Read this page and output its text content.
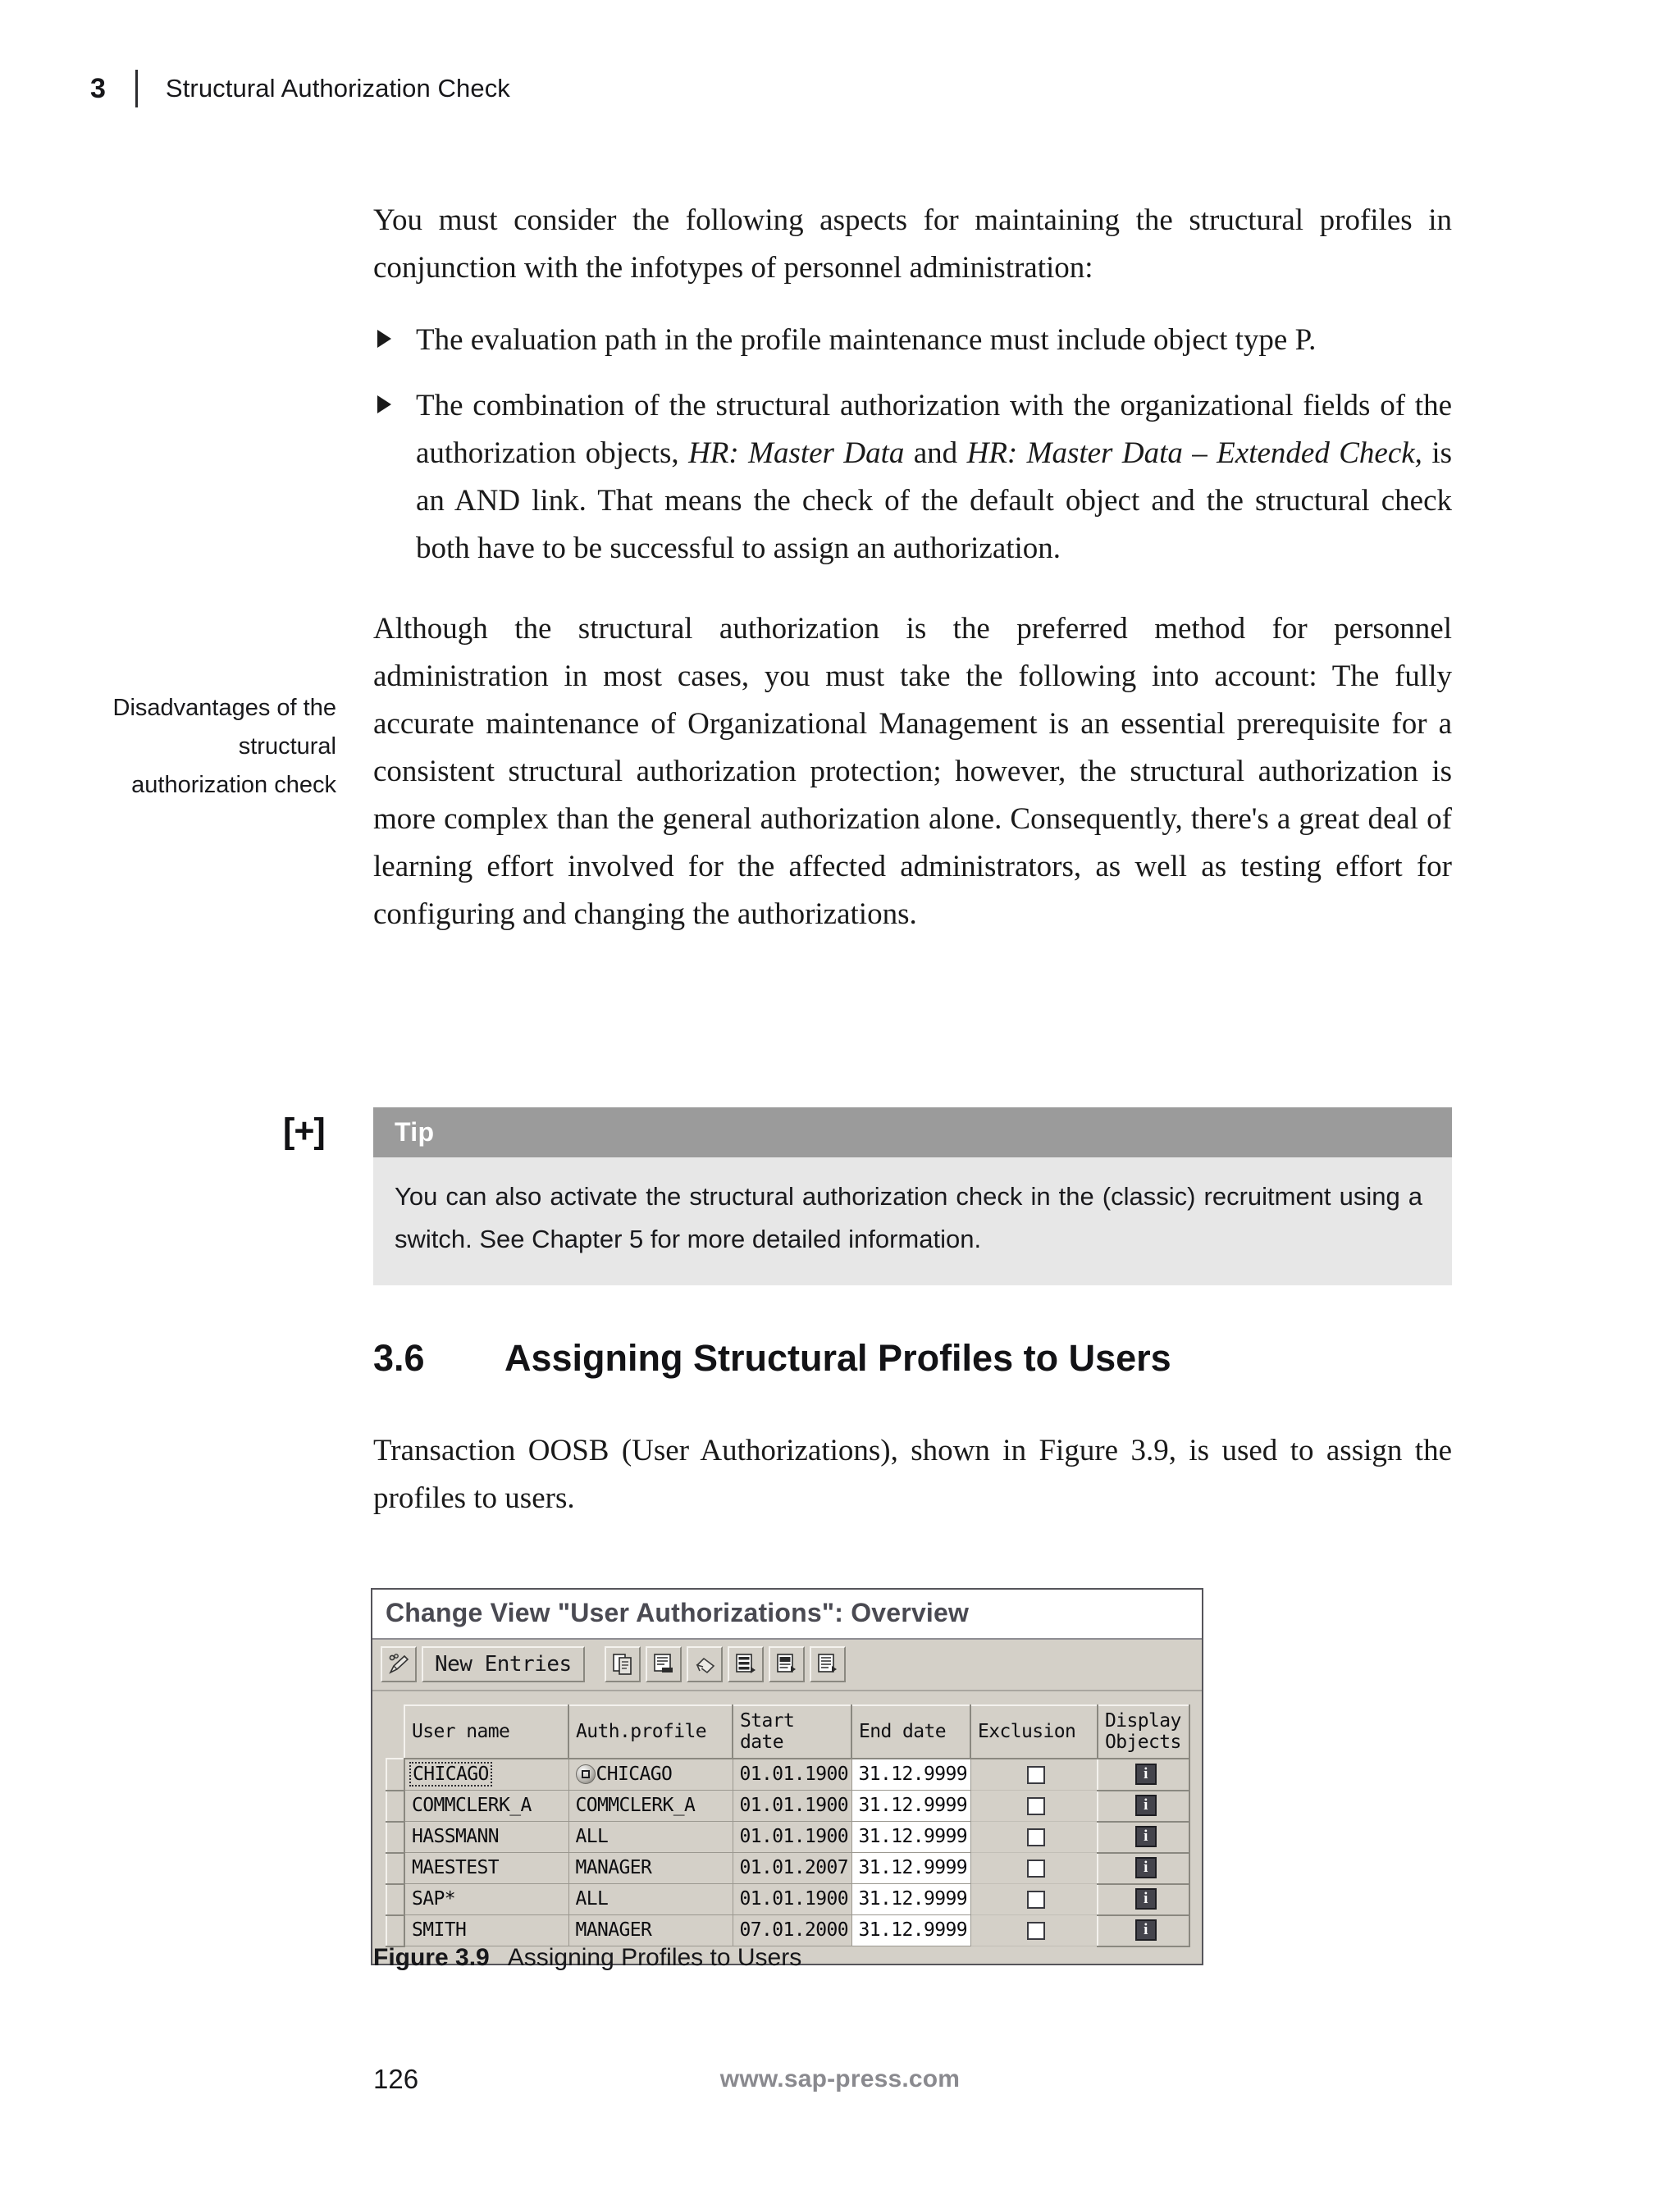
3 Structural Authorization Check

You must consider the following aspects for maintaining the structural profiles in conjunction with the infotypes of personnel administration:

The evaluation path in the profile maintenance must include object type P.
The combination of the structural authorization with the organizational fields of the authorization objects, HR: Master Data and HR: Master Data – Extended Check, is an AND link. That means the check of the default object and the structural check both have to be successful to assign an authorization.

Although the structural authorization is the preferred method for personnel administration in most cases, you must take the following into account: The fully accurate maintenance of Organizational Management is an essential prerequisite for a consistent structural authorization protection; however, the structural authorization is more complex than the general authorization alone. Consequently, there's a great deal of learning effort involved for the affected administrators, as well as testing effort for configuring and changing the authorizations.

Disadvantages of the structural authorization check
[+]	Tip
You can also activate the structural authorization check in the (classic) recruitment using a switch. See Chapter 5 for more detailed information.
3.6	Assigning Structural Profiles to Users
Transaction OOSB (User Authorizations), shown in Figure 3.9, is used to assign the profiles to users.
Change View "User Authorizations": Overview
New Entries
	User name	Auth.profile	Start date	End date	Exclusion	Display Objects
	CHICAGO	CHICAGO	01.01.1900	31.12.9999		i
	COMMCLERK_A	COMMCLERK_A	01.01.1900	31.12.9999		i
	HASSMANN	ALL	01.01.1900	31.12.9999		i
	MAESTEST	MANAGER	01.01.2007	31.12.9999		i
	SAP*	ALL	01.01.1900	31.12.9999		i
	SMITH	MANAGER	07.01.2000	31.12.9999		i
Figure 3.9 Assigning Profiles to Users
126	www.sap-press.com
